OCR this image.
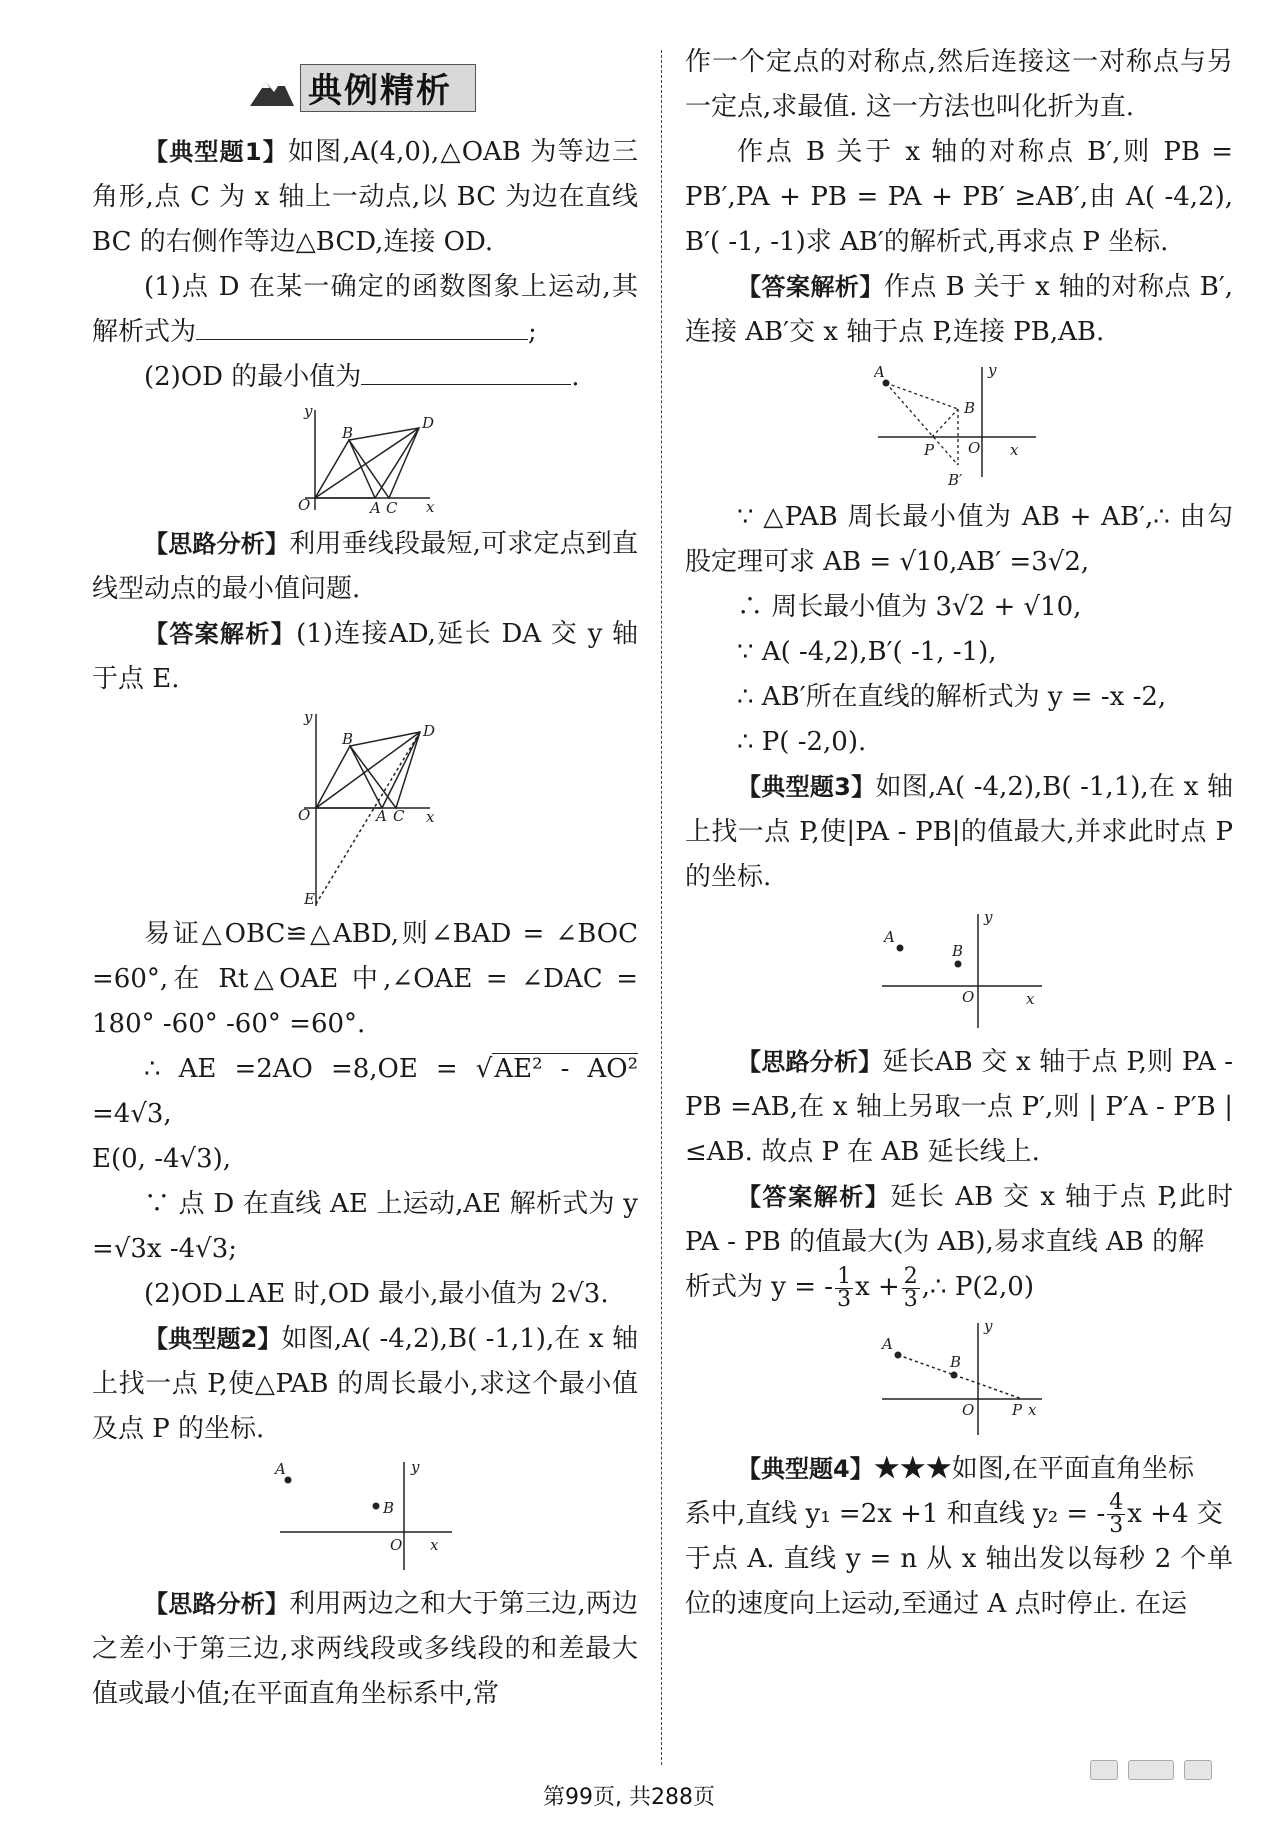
典例精析

【典型题1】如图,A(4,0),△OAB 为等边三角形,点 C 为 x 轴上一动点,以 BC 为边在直线 BC 的右侧作等边△BCD,连接 OD.

(1)点 D 在某一确定的函数图象上运动,其解析式为	;

(2)OD 的最小值为	.

O
B
D
A C x
y

【思路分析】利用垂线段最短,可求定点到直线型动点的最小值问题.

【答案解析】(1)连接AD,延长 DA 交 y 轴于点 E.

O
B	D
A C x
y
E

易证△OBC≌△ABD,则∠BAD = ∠BOC =60°,在 Rt△OAE 中,∠OAE = ∠DAC = 180° -60° -60° =60°.

∴ AE =2AO =8,OE = √AE² - AO² =4√3,

E(0, -4√3),

∵ 点 D 在直线 AE 上运动,AE 解析式为 y =√3x -4√3;

(2)OD⊥AE 时,OD 最小,最小值为 2√3.

【典型题2】如图,A( -4,2),B( -1,1),在 x 轴上找一点 P,使△PAB 的周长最小,求这个最小值及点 P 的坐标.

A
B
O x
y

【思路分析】利用两边之和大于第三边,两边之差小于第三边,求两线段或多线段的和差最大值或最小值;在平面直角坐标系中,常

作一个定点的对称点,然后连接这一对称点与另一定点,求最值. 这一方法也叫化折为直.

作点 B 关于 x 轴的对称点 B′,则 PB = PB′,PA + PB = PA + PB′ ≥AB′,由 A( -4,2), B′( -1, -1)求 AB′的解析式,再求点 P 坐标.

【答案解析】作点 B 关于 x 轴的对称点 B′,连接 AB′交 x 轴于点 P,连接 PB,AB.

A
B
P O x
y
B′

∵ △PAB 周长最小值为 AB + AB′,∴ 由勾股定理可求 AB = √10,AB′ =3√2,

∴ 周长最小值为 3√2 + √10,

∵ A( -4,2),B′( -1, -1),

∴ AB′所在直线的解析式为 y = -x -2,

∴ P( -2,0).

【典型题3】如图,A( -4,2),B( -1,1),在 x 轴上找一点 P,使|PA - PB|的值最大,并求此时点 P 的坐标.

A
B
O	x
y

【思路分析】延长AB 交 x 轴于点 P,则 PA -PB =AB,在 x 轴上另取一点 P′,则 | P′A - P′B | ≤AB. 故点 P 在 AB 延长线上.

【答案解析】延长 AB 交 x 轴于点 P,此时 PA - PB 的值最大(为 AB),易求直线 AB 的解

析式为 y = - $\frac{1}{3}$ $x + \frac{2}{3}$ ,∴ P(2,0)

A
B
O	P x
y

【典型题4】★★★如图,在平面直角坐标

系中,直线 y₁ =2x +1 和直线 y₂ = - $\frac{4}{3}$ x +4 交

于点 A. 直线 y = n 从 x 轴出发以每秒 2 个单位的速度向上运动,至通过 A 点时停止. 在运

第99页, 共288页
